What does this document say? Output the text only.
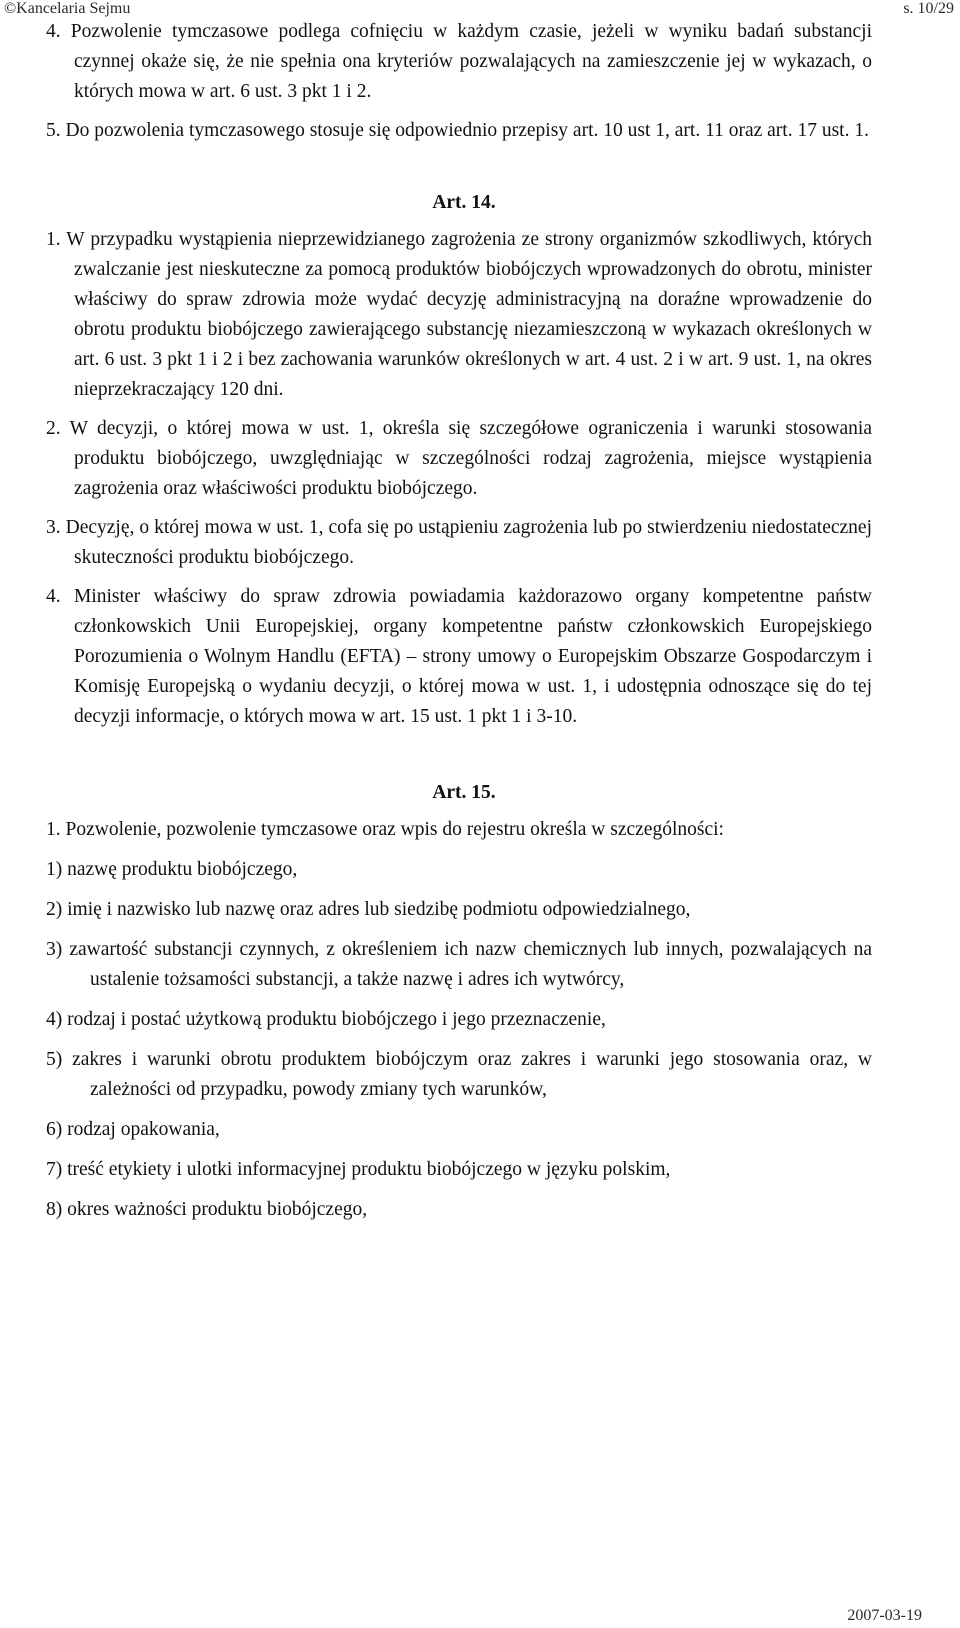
©Kancelaria Sejmu	s. 10/29

4. Pozwolenie tymczasowe podlega cofnięciu w każdym czasie, jeżeli w wyniku badań substancji czynnej okaże się, że nie spełnia ona kryteriów pozwalających na zamieszczenie jej w wykazach, o których mowa w art. 6 ust. 3 pkt 1 i 2.

5. Do pozwolenia tymczasowego stosuje się odpowiednio przepisy art. 10 ust 1, art. 11 oraz art. 17 ust. 1.

Art. 14.

1. W przypadku wystąpienia nieprzewidzianego zagrożenia ze strony organizmów szkodliwych, których zwalczanie jest nieskuteczne za pomocą produktów biobójczych wprowadzonych do obrotu, minister właściwy do spraw zdrowia może wydać decyzję administracyjną na doraźne wprowadzenie do obrotu produktu biobójczego zawierającego substancję niezamieszczoną w wykazach określonych w art. 6 ust. 3 pkt 1 i 2 i bez zachowania warunków określonych w art. 4 ust. 2 i w art. 9 ust. 1, na okres nieprzekraczający 120 dni.

2. W decyzji, o której mowa w ust. 1, określa się szczegółowe ograniczenia i warunki stosowania produktu biobójczego, uwzględniając w szczególności rodzaj zagrożenia, miejsce wystąpienia zagrożenia oraz właściwości produktu biobójczego.

3. Decyzję, o której mowa w ust. 1, cofa się po ustąpieniu zagrożenia lub po stwierdzeniu niedostatecznej skuteczności produktu biobójczego.

4. Minister właściwy do spraw zdrowia powiadamia każdorazowo organy kompetentne państw członkowskich Unii Europejskiej, organy kompetentne państw członkowskich Europejskiego Porozumienia o Wolnym Handlu (EFTA) – strony umowy o Europejskim Obszarze Gospodarczym i Komisję Europejską o wydaniu decyzji, o której mowa w ust. 1, i udostępnia odnoszące się do tej decyzji informacje, o których mowa w art. 15 ust. 1 pkt 1 i 3-10.

Art. 15.

1. Pozwolenie, pozwolenie tymczasowe oraz wpis do rejestru określa w szczególności:

1) nazwę produktu biobójczego,

2) imię i nazwisko lub nazwę oraz adres lub siedzibę podmiotu odpowiedzialnego,

3) zawartość substancji czynnych, z określeniem ich nazw chemicznych lub innych, pozwalających na ustalenie tożsamości substancji, a także nazwę i adres ich wytwórcy,

4) rodzaj i postać użytkową produktu biobójczego i jego przeznaczenie,

5) zakres i warunki obrotu produktem biobójczym oraz zakres i warunki jego stosowania oraz, w zależności od przypadku, powody zmiany tych warunków,

6) rodzaj opakowania,

7) treść etykiety i ulotki informacyjnej produktu biobójczego w języku polskim,

8) okres ważności produktu biobójczego,

2007-03-19
